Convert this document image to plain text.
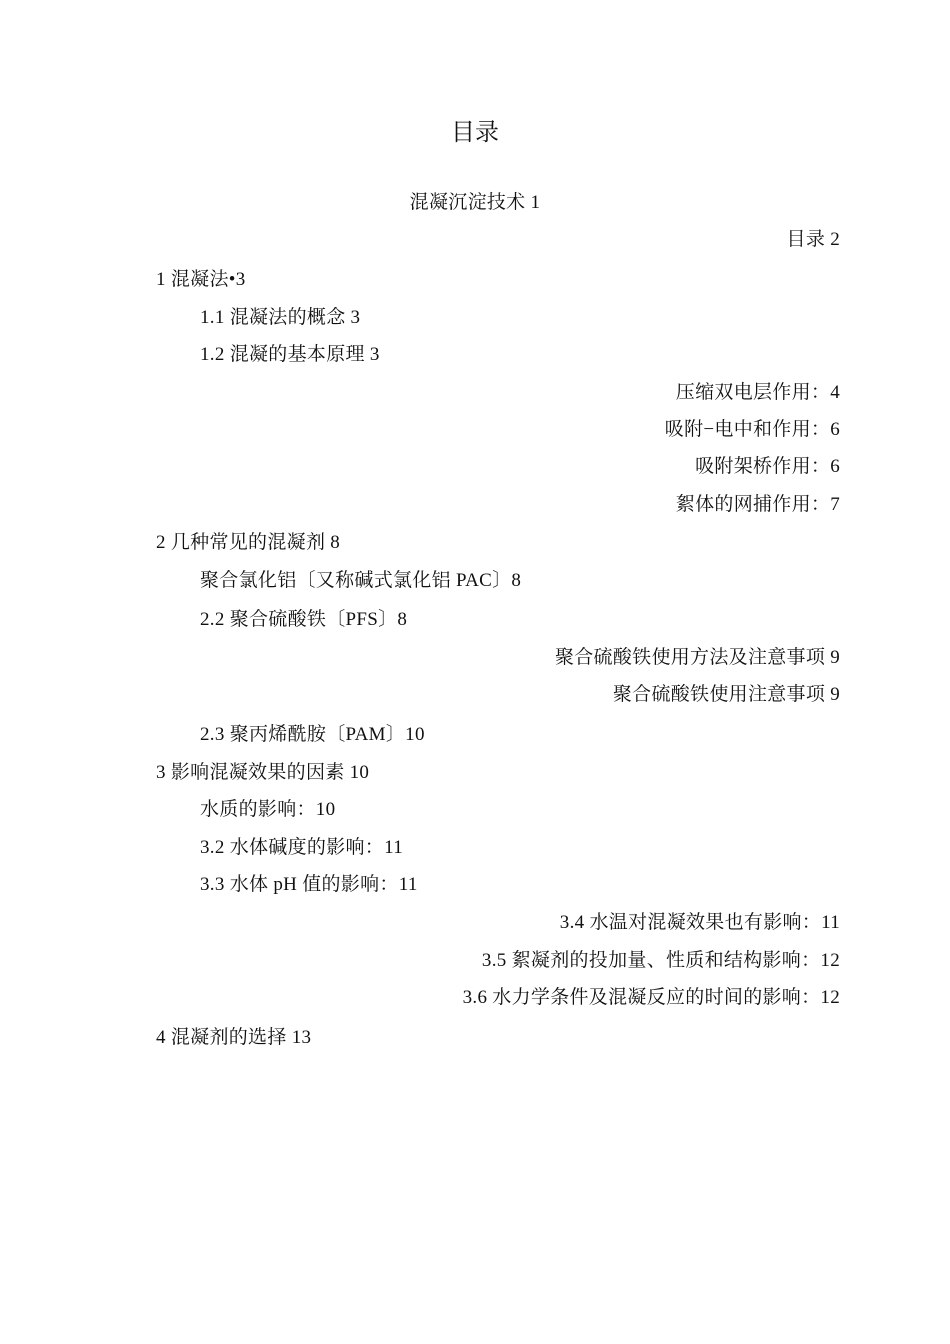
目录
混凝沉淀技术 1
目录 2
1 混凝法•3
1.1 混凝法的概念 3
1.2 混凝的基本原理 3
压缩双电层作用：4
吸附−电中和作用：6
吸附架桥作用：6
絮体的网捕作用：7
2 几种常见的混凝剂 8
聚合氯化铝〔又称碱式氯化铝 PAC〕8
2.2 聚合硫酸铁〔PFS〕8
聚合硫酸铁使用方法及注意事项 9
聚合硫酸铁使用注意事项 9
2.3 聚丙烯酰胺〔PAM〕10
3 影响混凝效果的因素 10
水质的影响：10
3.2 水体碱度的影响：11
3.3 水体 pH 值的影响：11
3.4 水温对混凝效果也有影响：11
3.5 絮凝剂的投加量、性质和结构影响：12
3.6 水力学条件及混凝反应的时间的影响：12
4 混凝剂的选择 13
